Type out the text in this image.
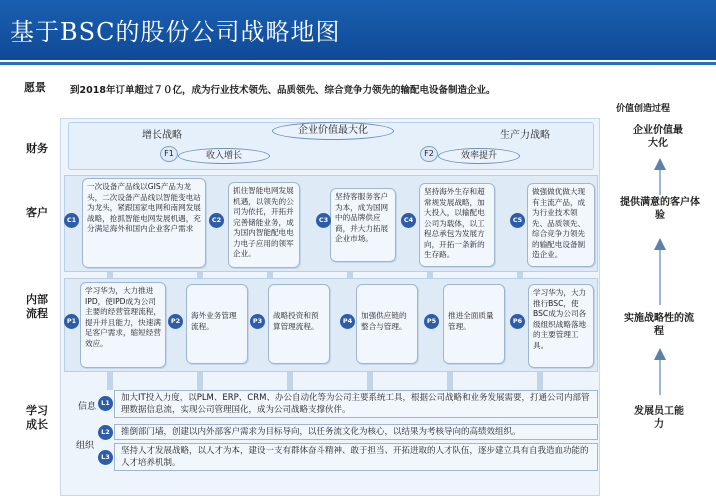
基于BSC的股份公司战略地图
愿景	到2018年订单超过７０亿，成为行业技术领先、品质领先、综合竞争力领先的输配电设备制造企业。
财务
客户
内部流程
学习成长
企业价值最大化
增长战略	生产力战略
F1	收入增长	F2	效率提升
一次设备产品线以GIS产品为龙头，二次设备产品线以智能变电站为龙头，紧跟国家电网和南网发展战略，抢抓智能电网发展机遇，充分满足海外和国内企业客户需求
C1
抓住智能电网发展机遇，以领先的公司为依托，开拓并完善储能业务，成为国内智能配电电力电子应用的领军企业。
C2
坚持客服务客户为本，成为国网中的品牌供应商，并大力拓展企业市场。
C3
坚持海外生存和超常规发展战略，加大投入，以输配电公司为载体，以工程总承包为发展方向，开拓一条新的生存路。
C4
做强做优做大现有主流产品，成为行业技术领先、品质领先、综合竞争力领先的输配电设备制造企业。
C5
学习华为，大力推进IPD，使IPD成为公司主要的经营管理流程，提升并且能力，快速满足客户需求，缩短经营效应。
P1
海外业务管理流程。
P2
战略投资和预算管理流程。
P3
加强供应链的整合与管理。
P4
推进全面质量管理。
P5
学习华为，大力推行BSC，使BSC成为公司各级组织战略落地的主要管理工具。
P6
信息
加大IT投入力度，以PLM、ERP、CRM、办公自动化等为公司主要系统工具，根据公司战略和业务发展需要，打通公司内部管理数据信息流，实现公司管理国化，成为公司战略支撑伙伴。
L1
组织
推倒部门墙，创建以内外部客户需求为目标导向，以任务流文化为核心，以结果为考核导向的高绩效组织。
L2
坚持人才发展战略，以人才为本，建设一支有群体奋斗精神、敢于担当、开拓进取的人才队伍，逐步建立具有自我造血功能的人才培养机制。
L3
价值创造过程
企业价值最大化
提供满意的客户体验
实施战略性的流程
发展员工能力
